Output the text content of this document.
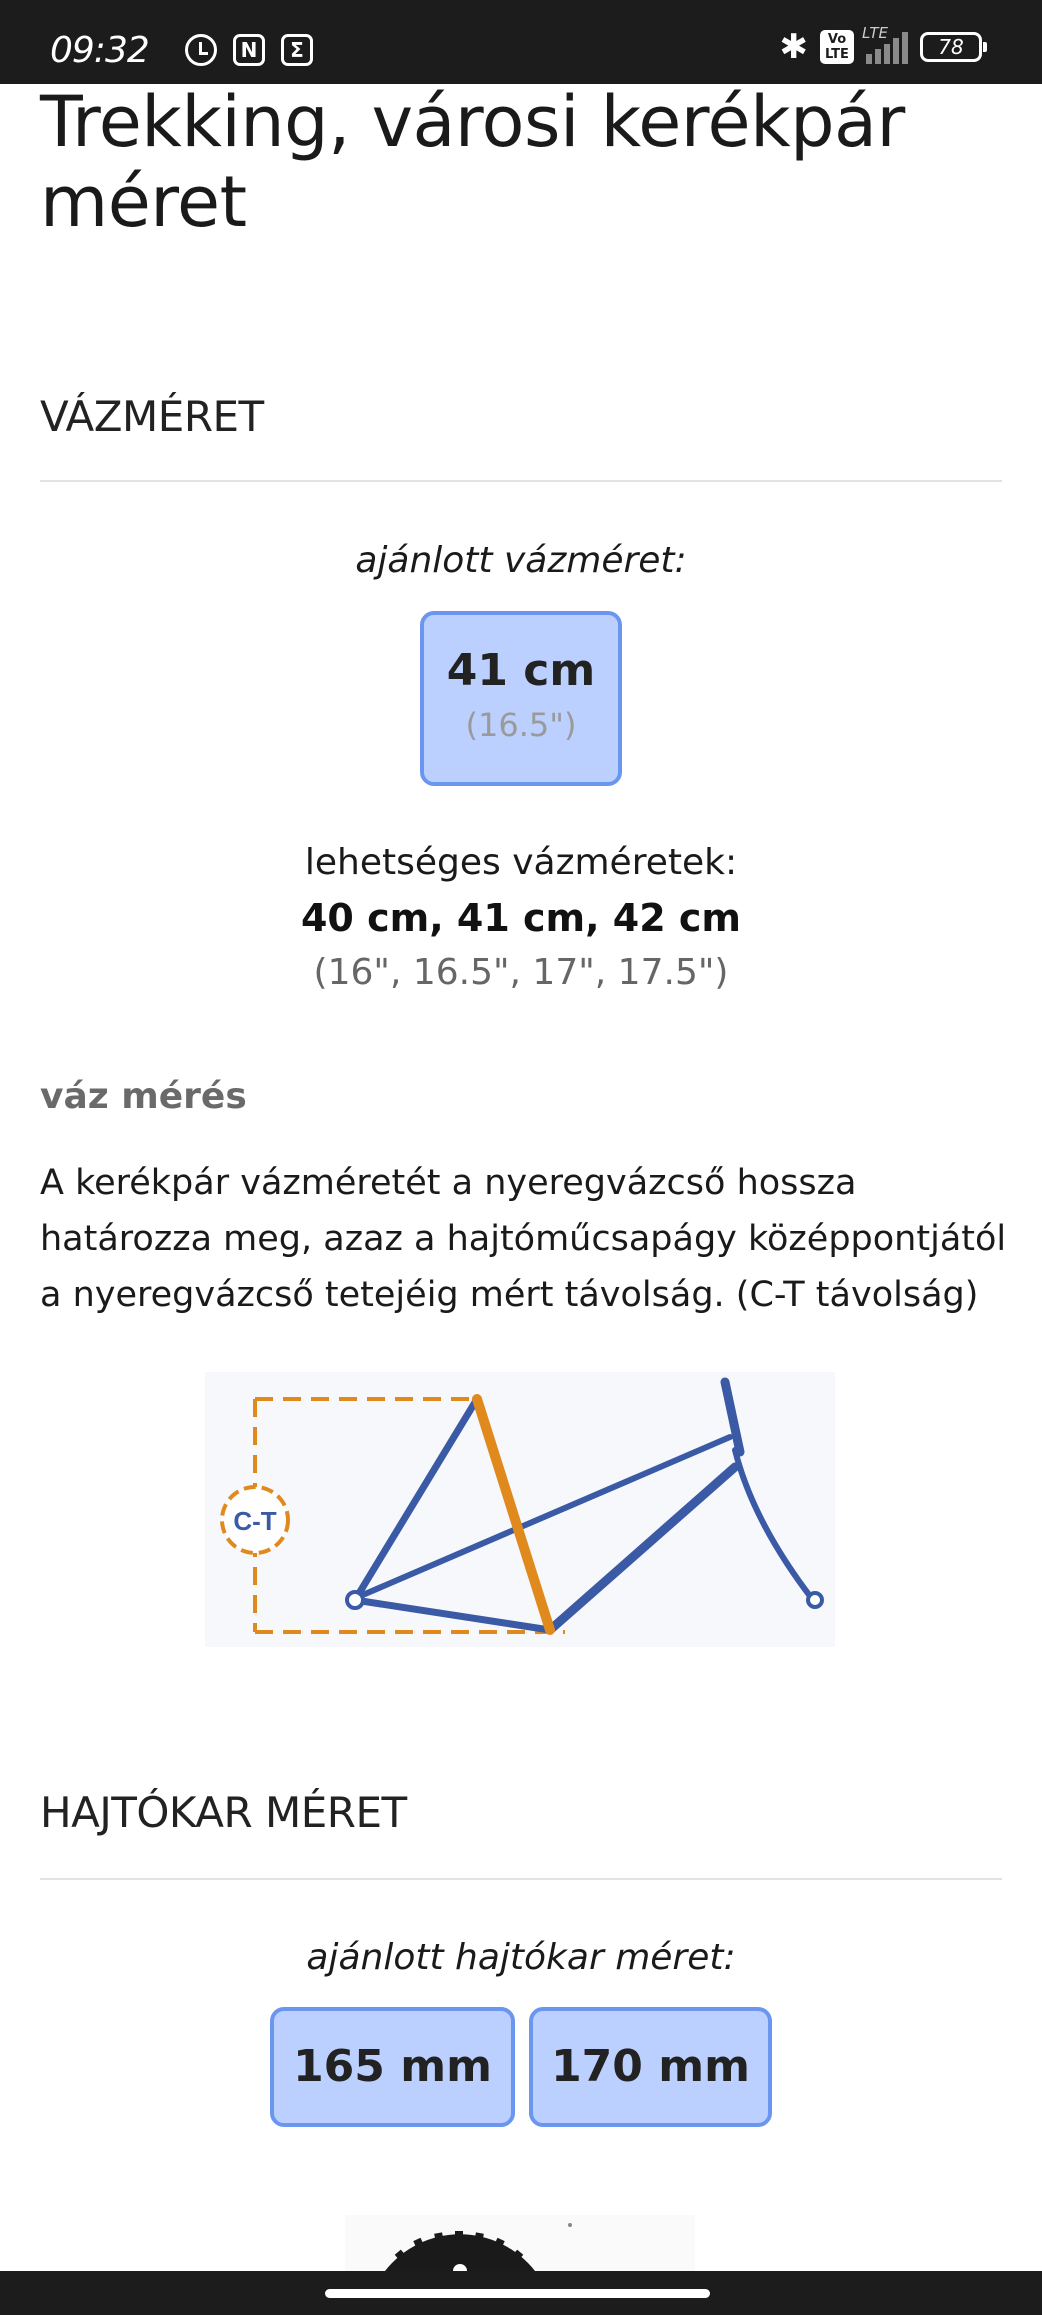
09:32	N	Σ	✱	Vo
LTE
LTE
78
Trekking, városi kerékpár méret
VÁZMÉRET

ajánlott vázméret:

41 cm
(16.5")

lehetséges vázméretek:

40 cm, 41 cm, 42 cm

(16", 16.5", 17", 17.5")

váz mérés

A kerékpár vázméretét a nyeregvázcső hossza határozza meg, azaz a hajtóműcsapágy középpontjától a nyeregvázcső tetejéig mért távolság. (C-T távolság)

C-T
HAJTÓKAR MÉRET

ajánlott hajtókar méret:

165 mm	170 mm
